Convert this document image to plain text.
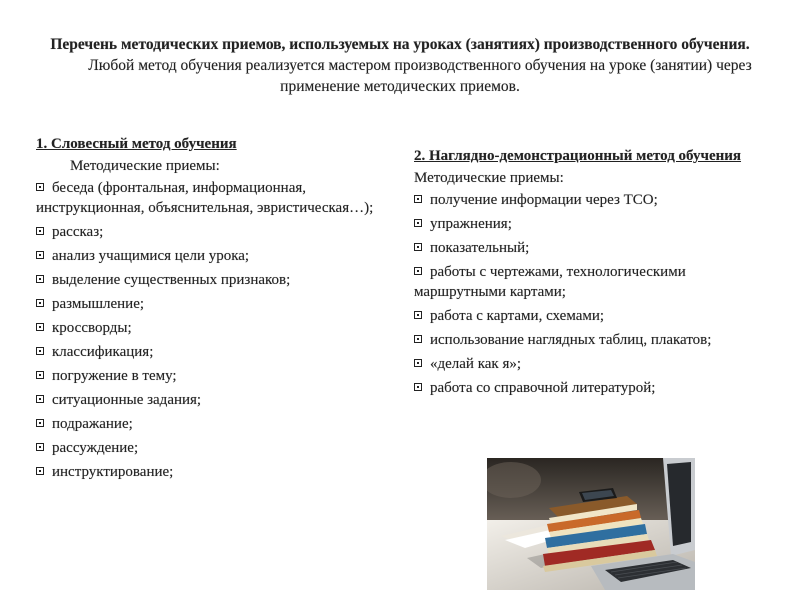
Перечень методических приемов, используемых на уроках (занятиях) производственного обучения.
Любой метод обучения реализуется мастером производственного обучения на уроке (занятии) через применение методических приемов.
1. Словесный метод обучения
Методические приемы:
беседа (фронтальная, информационная, инструкционная, объяснительная, эвристическая…);
рассказ;
анализ учащимися цели урока;
выделение существенных признаков;
размышление;
кроссворды;
классификация;
погружение в тему;
ситуационные задания;
подражание;
рассуждение;
инструктирование;
2. Наглядно-демонстрационный метод обучения
Методические приемы:
получение информации через ТСО;
упражнения;
показательный;
работы с чертежами, технологическими маршрутными картами;
работа с картами, схемами;
использование наглядных таблиц, плакатов;
«делай как я»;
работа со справочной литературой;
